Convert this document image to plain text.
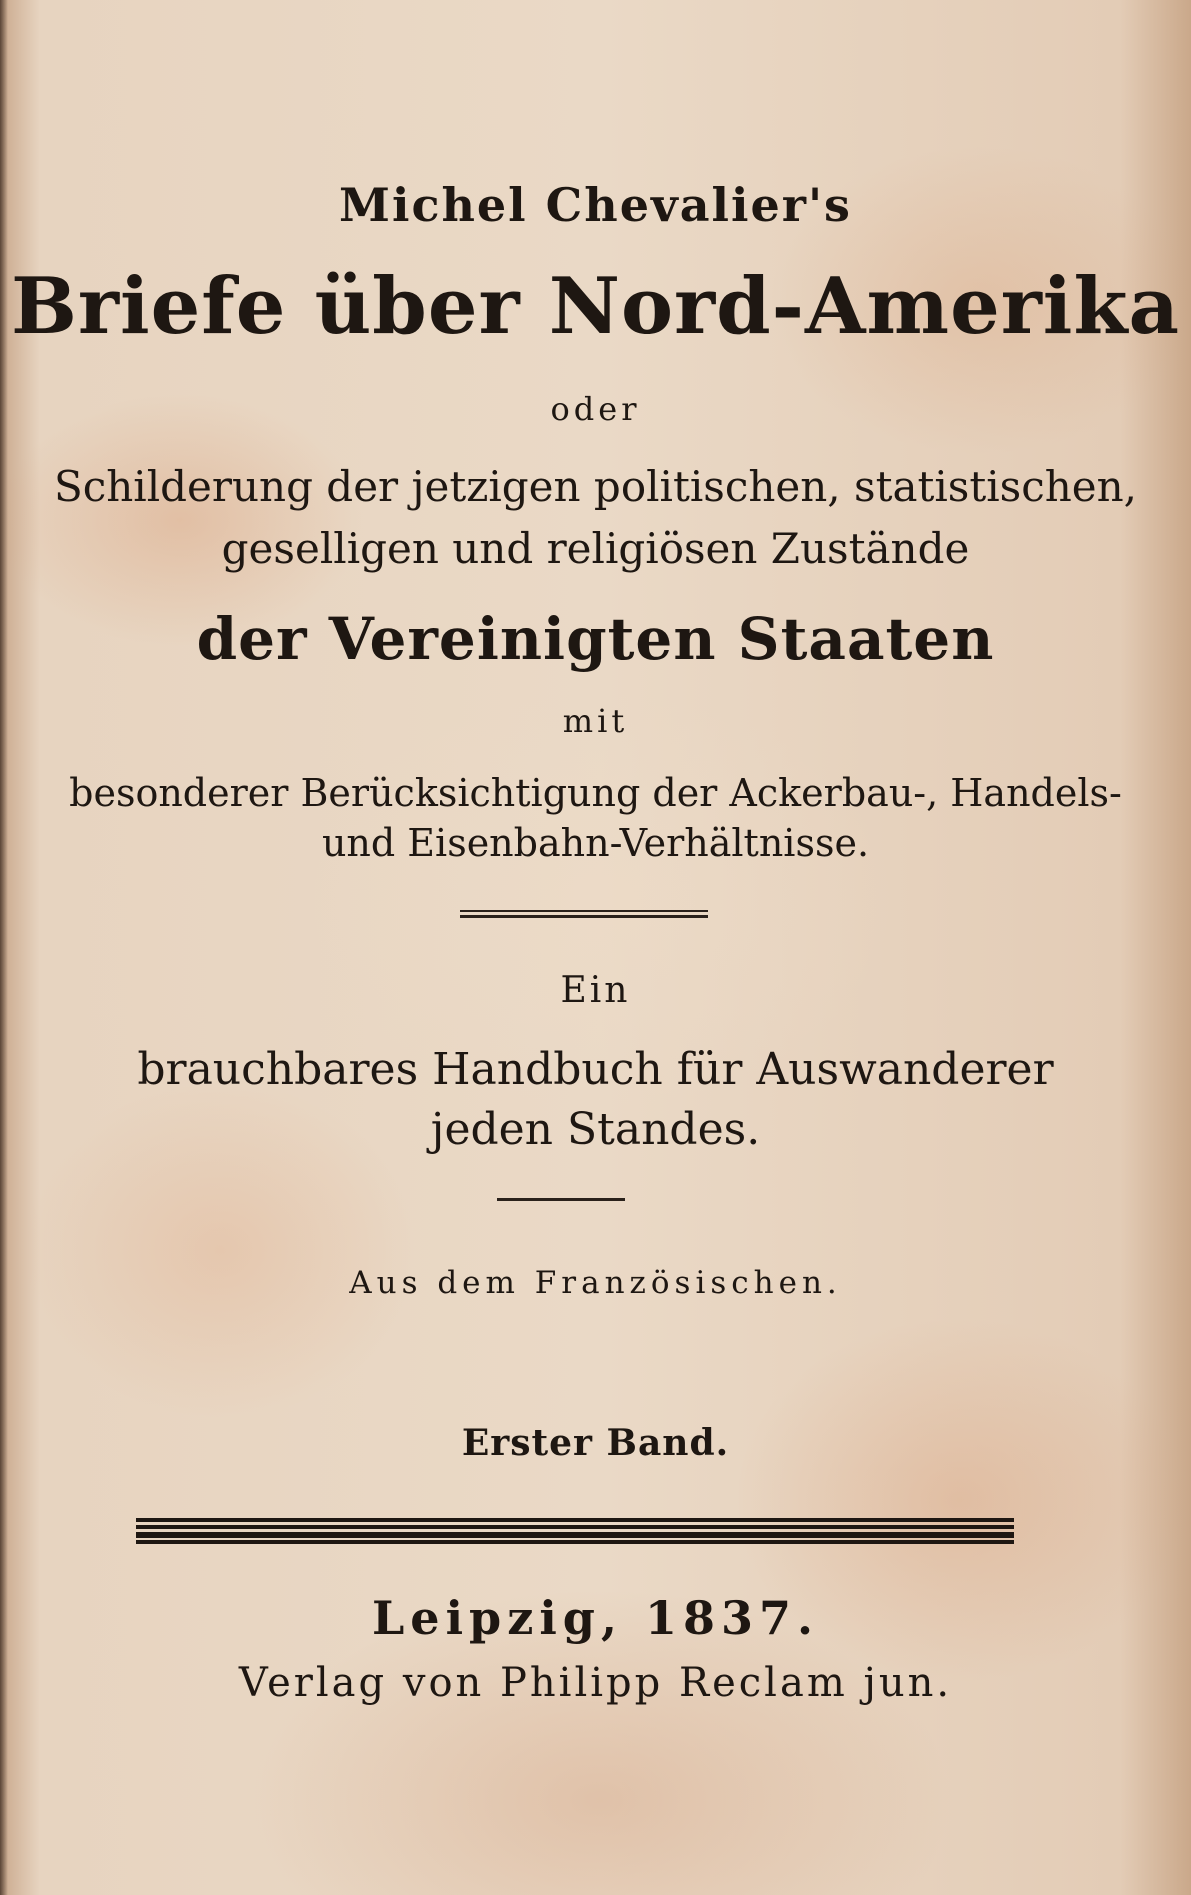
Michel Chevalier's
Briefe über Nord-Amerika
oder
Schilderung der jetzigen politischen, statistischen,
geselligen und religiösen Zustände
der Vereinigten Staaten
mit
besonderer Berücksichtigung der Ackerbau-, Handels-
und Eisenbahn-Verhältnisse.
Ein
brauchbares Handbuch für Auswanderer
jeden Standes.
Aus dem Französischen.
Erster Band.
Leipzig, 1837.
Verlag von Philipp Reclam jun.
